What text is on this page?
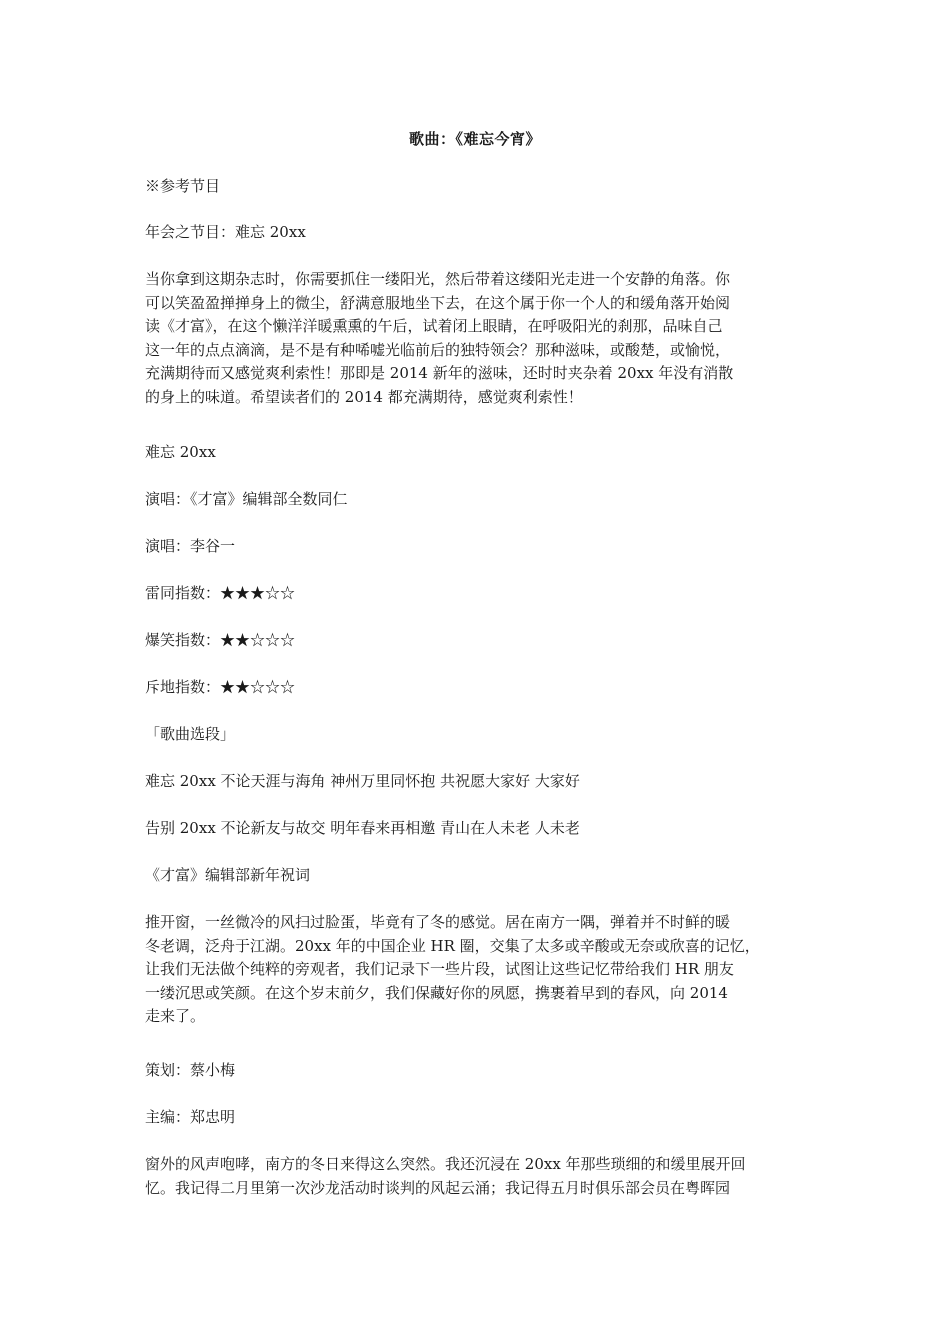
歌曲：《难忘今宵》

※参考节目

年会之节目：难忘 20xx

当你拿到这期杂志时，你需要抓住一缕阳光，然后带着这缕阳光走进一个安静的角落。你
可以笑盈盈掸掸身上的微尘，舒满意服地坐下去，在这个属于你一个人的和缓角落开始阅
读《才富》，在这个懒洋洋暖熏熏的午后，试着闭上眼睛，在呼吸阳光的刹那，品味自己
这一年的点点滴滴，是不是有种唏嘘光临前后的独特领会？那种滋味，或酸楚，或愉悦，
充满期待而又感觉爽利索性！那即是 2014 新年的滋味，还时时夹杂着 20xx 年没有消散
的身上的味道。希望读者们的 2014 都充满期待，感觉爽利索性！

难忘 20xx

演唱：《才富》编辑部全数同仁

演唱：李谷一

雷同指数：★★★☆☆

爆笑指数：★★☆☆☆

斥地指数：★★☆☆☆

「歌曲选段」

难忘 20xx 不论天涯与海角 神州万里同怀抱 共祝愿大家好 大家好

告别 20xx 不论新友与故交 明年春来再相邀 青山在人未老 人未老

《才富》编辑部新年祝词

推开窗，一丝微冷的风扫过脸蛋，毕竟有了冬的感觉。居在南方一隅，弹着并不时鲜的暖
冬老调，泛舟于江湖。20xx 年的中国企业 HR 圈，交集了太多或辛酸或无奈或欣喜的记忆，
让我们无法做个纯粹的旁观者，我们记录下一些片段，试图让这些记忆带给我们 HR 朋友
一缕沉思或笑颜。在这个岁末前夕，我们保藏好你的夙愿，携裹着早到的春风，向 2014
走来了。

策划：蔡小梅

主编：郑忠明

窗外的风声咆哮，南方的冬日来得这么突然。我还沉浸在 20xx 年那些琐细的和缓里展开回
忆。我记得二月里第一次沙龙活动时谈判的风起云涌；我记得五月时俱乐部会员在粤晖园
